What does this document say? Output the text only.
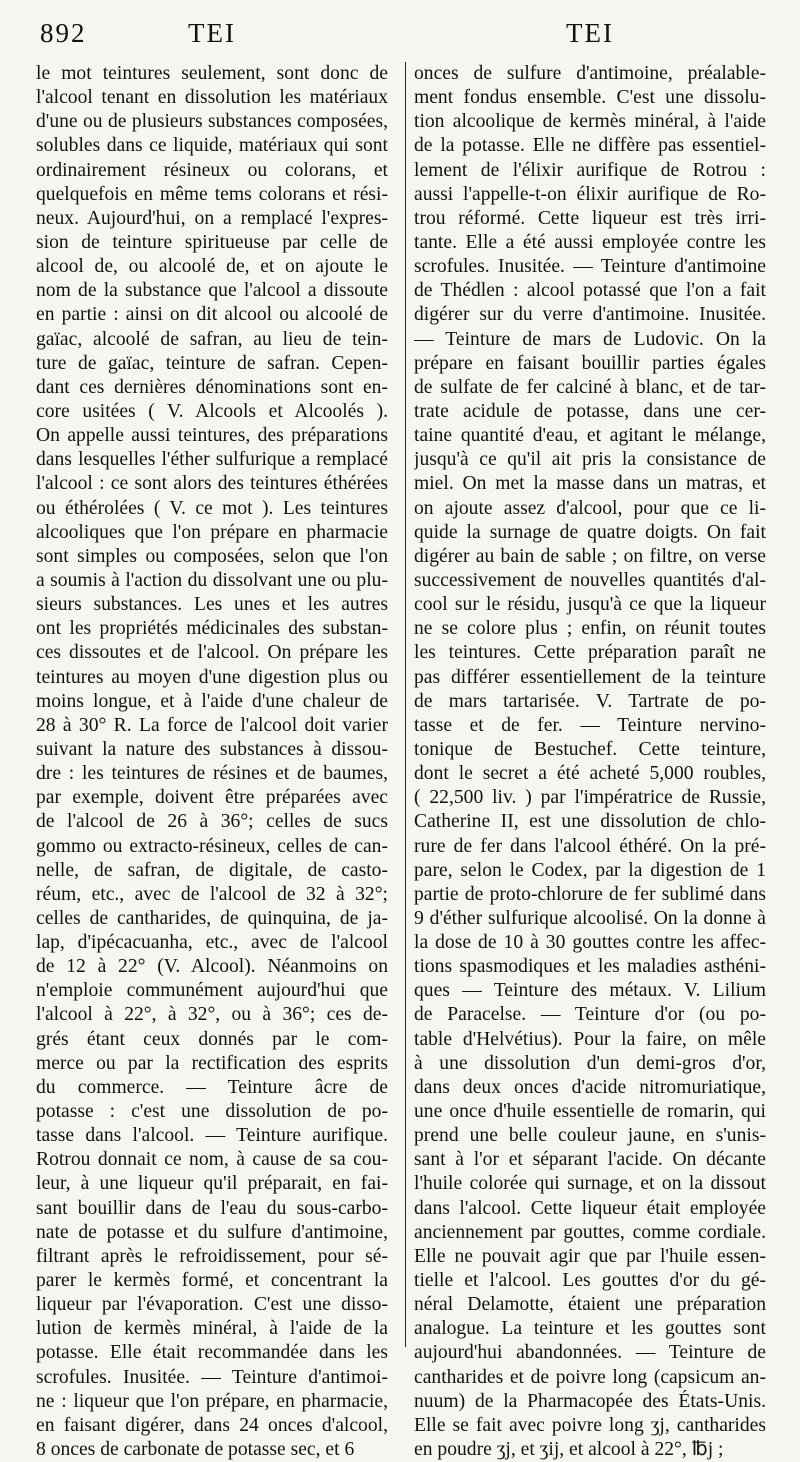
892	TEI	TEI
le mot teintures seulement, sont donc de
l'alcool tenant en dissolution les matériaux
d'une ou de plusieurs substances composées,
solubles dans ce liquide, matériaux qui sont
ordinairement résineux ou colorans, et
quelquefois en même tems colorans et rési-
neux. Aujourd'hui, on a remplacé l'expres-
sion de teinture spiritueuse par celle de
alcool de, ou alcoolé de, et on ajoute le
nom de la substance que l'alcool a dissoute
en partie : ainsi on dit alcool ou alcoolé de
gaïac, alcoolé de safran, au lieu de tein-
ture de gaïac, teinture de safran. Cepen-
dant ces dernières dénominations sont en-
core usitées ( V. Alcools et Alcoolés ).
On appelle aussi teintures, des préparations
dans lesquelles l'éther sulfurique a remplacé
l'alcool : ce sont alors des teintures éthérées
ou éthérolées ( V. ce mot ). Les teintures
alcooliques que l'on prépare en pharmacie
sont simples ou composées, selon que l'on
a soumis à l'action du dissolvant une ou plu-
sieurs substances. Les unes et les autres
ont les propriétés médicinales des substan-
ces dissoutes et de l'alcool. On prépare les
teintures au moyen d'une digestion plus ou
moins longue, et à l'aide d'une chaleur de
28 à 30° R. La force de l'alcool doit varier
suivant la nature des substances à dissou-
dre : les teintures de résines et de baumes,
par exemple, doivent être préparées avec
de l'alcool de 26 à 36°; celles de sucs
gommo ou extracto-résineux, celles de can-
nelle, de safran, de digitale, de casto-
réum, etc., avec de l'alcool de 32 à 32°;
celles de cantharides, de quinquina, de ja-
lap, d'ipécacuanha, etc., avec de l'alcool
de 12 à 22° (V. Alcool). Néanmoins on
n'emploie communément aujourd'hui que
l'alcool à 22°, à 32°, ou à 36°; ces de-
grés étant ceux donnés par le com-
merce ou par la rectification des esprits
du commerce. — Teinture âcre de
potasse : c'est une dissolution de po-
tasse dans l'alcool. — Teinture aurifique.
Rotrou donnait ce nom, à cause de sa cou-
leur, à une liqueur qu'il préparait, en fai-
sant bouillir dans de l'eau du sous-carbo-
nate de potasse et du sulfure d'antimoine,
filtrant après le refroidissement, pour sé-
parer le kermès formé, et concentrant la
liqueur par l'évaporation. C'est une disso-
lution de kermès minéral, à l'aide de la
potasse. Elle était recommandée dans les
scrofules. Inusitée. — Teinture d'antimoi-
ne : liqueur que l'on prépare, en pharmacie,
en faisant digérer, dans 24 onces d'alcool,
8 onces de carbonate de potasse sec, et 6
onces de sulfure d'antimoine, préalable-
ment fondus ensemble. C'est une dissolu-
tion alcoolique de kermès minéral, à l'aide
de la potasse. Elle ne diffère pas essentiel-
lement de l'élixir aurifique de Rotrou :
aussi l'appelle-t-on élixir aurifique de Ro-
trou réformé. Cette liqueur est très irri-
tante. Elle a été aussi employée contre les
scrofules. Inusitée. — Teinture d'antimoine
de Thédlen : alcool potassé que l'on a fait
digérer sur du verre d'antimoine. Inusitée.
— Teinture de mars de Ludovic. On la
prépare en faisant bouillir parties égales
de sulfate de fer calciné à blanc, et de tar-
trate acidule de potasse, dans une cer-
taine quantité d'eau, et agitant le mélange,
jusqu'à ce qu'il ait pris la consistance de
miel. On met la masse dans un matras, et
on ajoute assez d'alcool, pour que ce li-
quide la surnage de quatre doigts. On fait
digérer au bain de sable ; on filtre, on verse
successivement de nouvelles quantités d'al-
cool sur le résidu, jusqu'à ce que la liqueur
ne se colore plus ; enfin, on réunit toutes
les teintures. Cette préparation paraît ne
pas différer essentiellement de la teinture
de mars tartarisée. V. Tartrate de po-
tasse et de fer. — Teinture nervino-
tonique de Bestuchef. Cette teinture,
dont le secret a été acheté 5,000 roubles,
( 22,500 liv. ) par l'impératrice de Russie,
Catherine II, est une dissolution de chlo-
rure de fer dans l'alcool éthéré. On la pré-
pare, selon le Codex, par la digestion de 1
partie de proto-chlorure de fer sublimé dans
9 d'éther sulfurique alcoolisé. On la donne à
la dose de 10 à 30 gouttes contre les affec-
tions spasmodiques et les maladies asthéni-
ques — Teinture des métaux. V. Lilium
de Paracelse. — Teinture d'or (ou po-
table d'Helvétius). Pour la faire, on mêle
à une dissolution d'un demi-gros d'or,
dans deux onces d'acide nitromuriatique,
une once d'huile essentielle de romarin, qui
prend une belle couleur jaune, en s'unis-
sant à l'or et séparant l'acide. On décante
l'huile colorée qui surnage, et on la dissout
dans l'alcool. Cette liqueur était employée
anciennement par gouttes, comme cordiale.
Elle ne pouvait agir que par l'huile essen-
tielle et l'alcool. Les gouttes d'or du gé-
néral Delamotte, étaient une préparation
analogue. La teinture et les gouttes sont
aujourd'hui abandonnées. — Teinture de
cantharides et de poivre long (capsicum an-
nuum) de la Pharmacopée des États-Unis.
Elle se fait avec poivre long ʒj, cantharides
en poudre ʒj, et ʒij, et alcool à 22°, ℔j ;
